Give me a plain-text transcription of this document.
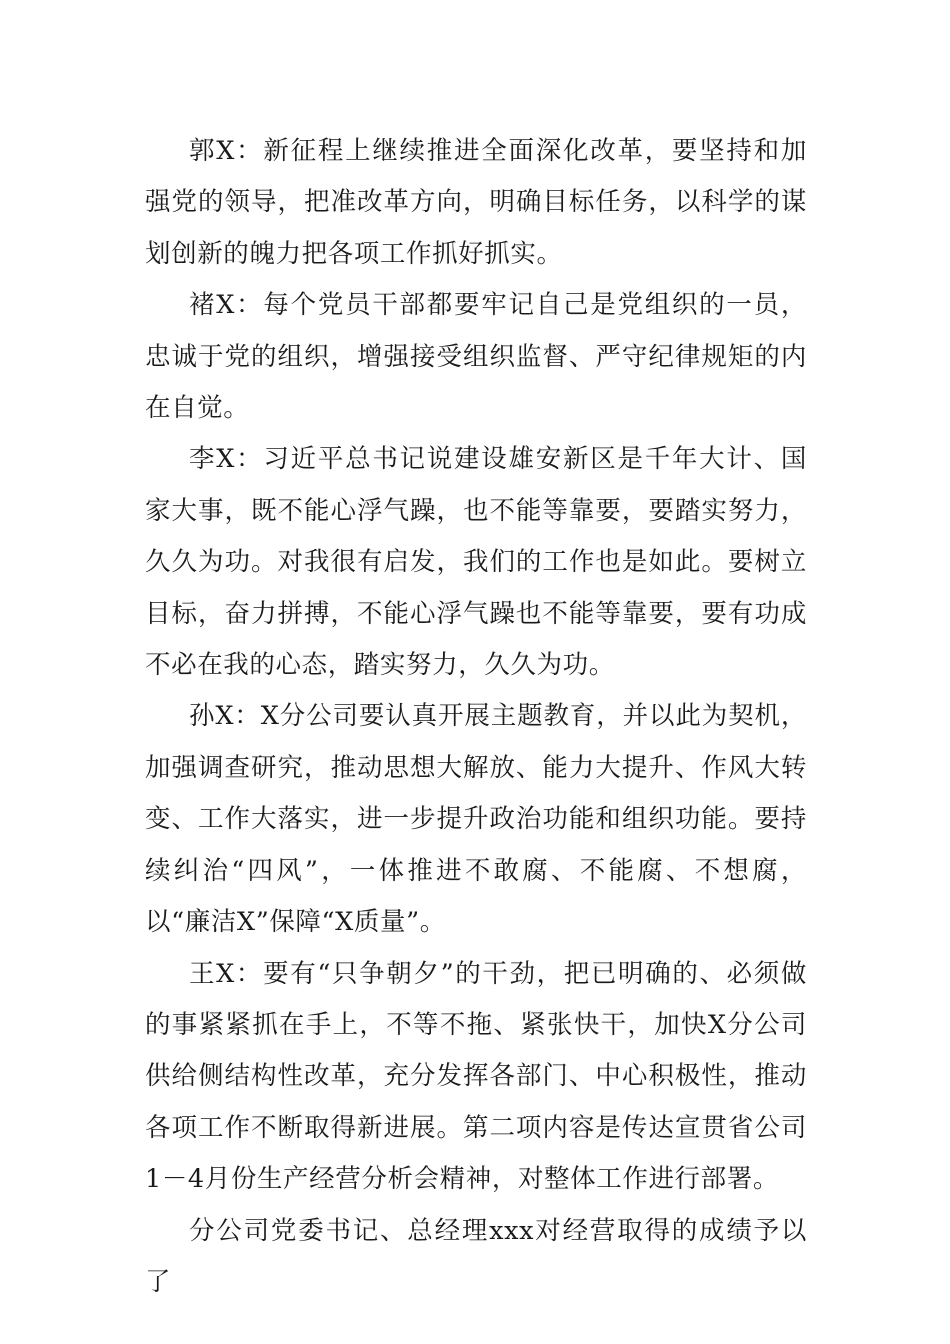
郭X：新征程上继续推进全面深化改革，要坚持和加强党的领导，把准改革方向，明确目标任务，以科学的谋划创新的魄力把各项工作抓好抓实。

褚X：每个党员干部都要牢记自己是党组织的一员，忠诚于党的组织，增强接受组织监督、严守纪律规矩的内在自觉。

李X：习近平总书记说建设雄安新区是千年大计、国家大事，既不能心浮气躁，也不能等靠要，要踏实努力，久久为功。对我很有启发，我们的工作也是如此。要树立目标，奋力拼搏，不能心浮气躁也不能等靠要，要有功成不必在我的心态，踏实努力，久久为功。

孙X：X分公司要认真开展主题教育，并以此为契机，加强调查研究，推动思想大解放、能力大提升、作风大转变、工作大落实，进一步提升政治功能和组织功能。要持续纠治“四风”，一体推进不敢腐、不能腐、不想腐，以“廉洁X”保障“X质量”。

王X：要有“只争朝夕”的干劲，把已明确的、必须做的事紧紧抓在手上，不等不拖、紧张快干，加快X分公司供给侧结构性改革，充分发挥各部门、中心积极性，推动各项工作不断取得新进展。第二项内容是传达宣贯省公司1－4月份生产经营分析会精神，对整体工作进行部署。

分公司党委书记、总经理xxx对经营取得的成绩予以了
